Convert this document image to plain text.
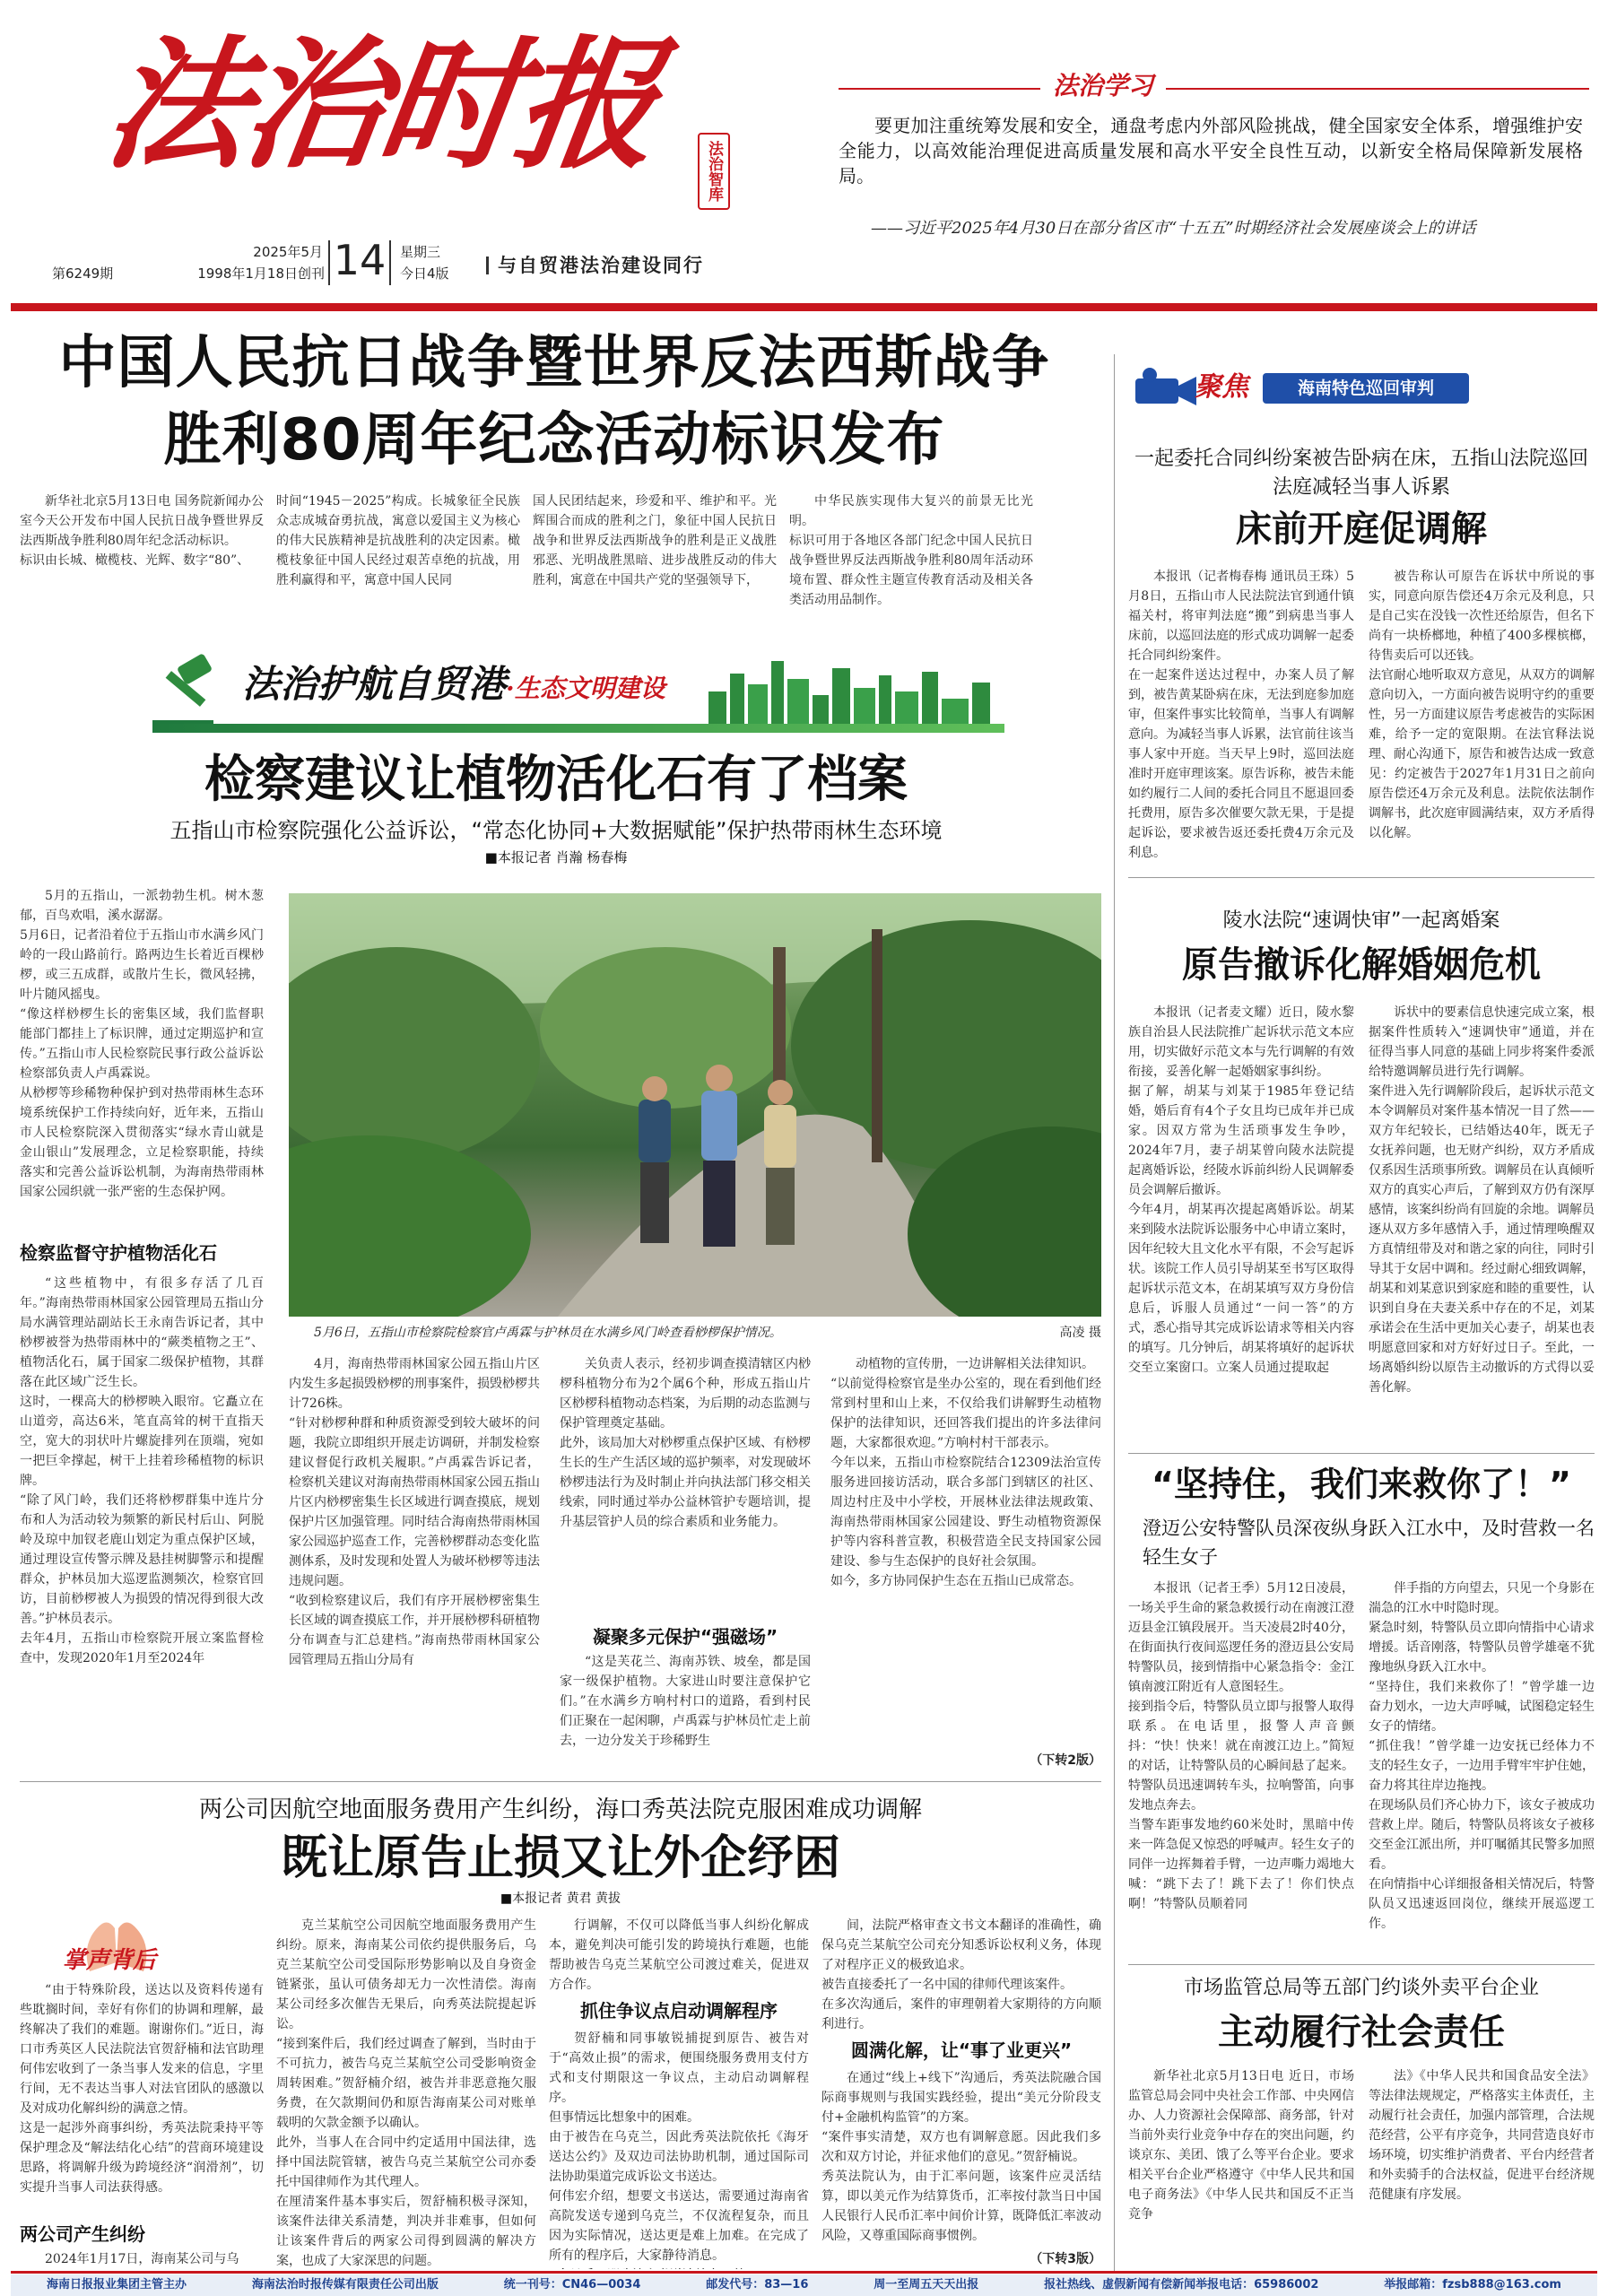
法治时报	法治智库
2025年5月
第6249期	1998年1月18日创刊 14	星期三
今日4版	与自贸港法治建设同行
法治学习
要更加注重统筹发展和安全，通盘考虑内外部风险挑战，健全国家安全体系，增强维护安全能力，以高效能治理促进高质量发展和高水平安全良性互动，以新安全格局保障新发展格局。
——习近平2025年4月30日在部分省区市“十五五”时期经济社会发展座谈会上的讲话
中国人民抗日战争暨世界反法西斯战争
胜利80周年纪念活动标识发布
新华社北京5月13日电 国务院新闻办公室今天公开发布中国人民抗日战争暨世界反法西斯战争胜利80周年纪念活动标识。
标识由长城、橄榄枝、光辉、数字“80”、
时间“1945－2025”构成。长城象征全民族众志成城奋勇抗战，寓意以爱国主义为核心的伟大民族精神是抗战胜利的决定因素。橄榄枝象征中国人民经过艰苦卓绝的抗战，用胜利赢得和平，寓意中国人民同
国人民团结起来，珍爱和平、维护和平。光辉围合而成的胜利之门，象征中国人民抗日战争和世界反法西斯战争的胜利是正义战胜邪恶、光明战胜黑暗、进步战胜反动的伟大胜利，寓意在中国共产党的坚强领导下，
中华民族实现伟大复兴的前景无比光明。
标识可用于各地区各部门纪念中国人民抗日战争暨世界反法西斯战争胜利80周年活动环境布置、群众性主题宣传教育活动及相关各类活动用品制作。
法治护航自贸港·生态文明建设
检察建议让植物活化石有了档案
五指山市检察院强化公益诉讼，“常态化协同+大数据赋能”保护热带雨林生态环境
■本报记者 肖瀚 杨春梅
5月的五指山，一派勃勃生机。树木葱郁，百鸟欢唱，溪水潺潺。
5月6日，记者沿着位于五指山市水满乡风门岭的一段山路前行。路两边生长着近百棵桫椤，或三五成群，或散片生长，微风轻拂，叶片随风摇曳。
“像这样桫椤生长的密集区域，我们监督职能部门都挂上了标识牌，通过定期巡护和宣传。”五指山市人民检察院民事行政公益诉讼检察部负责人卢禹霖说。
从桫椤等珍稀物种保护到对热带雨林生态环境系统保护工作持续向好，近年来，五指山市人民检察院深入贯彻落实“绿水青山就是金山银山”发展理念，立足检察职能，持续落实和完善公益诉讼机制，为海南热带雨林国家公园织就一张严密的生态保护网。
检察监督守护植物活化石
“这些植物中，有很多存活了几百年。”海南热带雨林国家公园管理局五指山分局水满管理站副站长王永南告诉记者，其中桫椤被誉为热带雨林中的“蕨类植物之王”、植物活化石，属于国家二级保护植物，其群落在此区域广泛生长。
这时，一棵高大的桫椤映入眼帘。它矗立在山道旁，高达6米，笔直高耸的树干直指天空，宽大的羽状叶片螺旋排列在顶端，宛如一把巨伞撑起，树干上挂着珍稀植物的标识牌。
“除了风门岭，我们还将桫椤群集中连片分布和人为活动较为频繁的新民村后山、阿脱岭及琼中加钗老鹿山划定为重点保护区域，通过理设宣传警示牌及悬挂树脚警示和提醒群众，护林员加大巡逻监测频次，检察官回访，目前桫椤被人为损毁的情况得到很大改善。”护林员表示。
去年4月，五指山市检察院开展立案监督检查中，发现2020年1月至2024年
5月6日，五指山市检察院检察官卢禹霖与护林员在水满乡风门岭查看桫椤保护情况。	高凌 摄
4月，海南热带雨林国家公园五指山片区内发生多起损毁桫椤的刑事案件，损毁桫椤共计726株。
“针对桫椤种群和种质资源受到较大破坏的问题，我院立即组织开展走访调研，并制发检察建议督促行政机关履职。”卢禹霖告诉记者，检察机关建议对海南热带雨林国家公园五指山片区内桫椤密集生长区域进行调查摸底，规划保护片区加强管理。同时结合海南热带雨林国家公园巡护巡查工作，完善桫椤群动态变化监测体系，及时发现和处置人为破坏桫椤等违法违规问题。
“收到检察建议后，我们有序开展桫椤密集生长区域的调查摸底工作，并开展桫椤科研植物分布调查与汇总建档。”海南热带雨林国家公园管理局五指山分局有
关负责人表示，经初步调查摸清辖区内桫椤科植物分布为2个属6个种，形成五指山片区桫椤科植物动态档案，为后期的动态监测与保护管理奠定基础。
此外，该局加大对桫椤重点保护区域、有桫椤生长的生产生活区域的巡护频率，对发现破坏桫椤违法行为及时制止并向执法部门移交相关线索，同时通过举办公益林管护专题培训，提升基层管护人员的综合素质和业务能力。
凝聚多元保护“强磁场”
“这是芙花兰、海南苏铁、坡垒，都是国家一级保护植物。大家进山时要注意保护它们。”在水满乡方响村村口的道路，看到村民们正聚在一起闲聊，卢禹霖与护林员忙走上前去，一边分发关于珍稀野生
动植物的宣传册，一边讲解相关法律知识。
“以前觉得检察官是坐办公室的，现在看到他们经常到村里和山上来，不仅给我们讲解野生动植物保护的法律知识，还回答我们提出的许多法律问题，大家都很欢迎。”方响村村干部表示。
今年以来，五指山市检察院结合12309法治宣传服务进回接访活动，联合多部门到辖区的社区、周边村庄及中小学校，开展林业法律法规政策、海南热带雨林国家公园建设、野生动植物资源保护等内容科普宣教，积极营造全民支持国家公园建设、参与生态保护的良好社会氛围。
如今，多方协同保护生态在五指山已成常态。
（下转2版）
两公司因航空地面服务费用产生纠纷，海口秀英法院克服困难成功调解
既让原告止损又让外企纾困
■本报记者 黄君 黄拔
掌声背后
“由于特殊阶段，送达以及资料传递有些耽搁时间，幸好有你们的协调和理解，最终解决了我们的难题。谢谢你们。”近日，海口市秀英区人民法院法官贺舒楠和法官助理何伟宏收到了一条当事人发来的信息，字里行间，无不表达当事人对法官团队的感激以及对成功化解纠纷的满意之情。
这是一起涉外商事纠纷，秀英法院秉持平等保护理念及“解法结化心结”的营商环境建设思路，将调解升级为跨境经济“润滑剂”，切实提升当事人司法获得感。
两公司产生纠纷
2024年1月17日，海南某公司与乌
克兰某航空公司因航空地面服务费用产生纠纷。原来，海南某公司依约提供服务后，乌克兰某航空公司受国际形势影响以及自身资金链紧张，虽认可债务却无力一次性清偿。海南某公司经多次催告无果后，向秀英法院提起诉讼。
“接到案件后，我们经过调查了解到，当时由于不可抗力，被告乌克兰某航空公司受影响资金周转困难。”贺舒楠介绍，被告并非恶意拖欠服务费，在欠款期间仍和原告海南某公司对账单载明的欠款金额予以确认。
此外，当事人在合同中约定适用中国法律，选择中国法院管辖，被告乌克兰某航空公司亦委托中国律师作为其代理人。
在厘清案件基本事实后，贺舒楠积极寻深知，该案件法律关系清楚，判决并非难事，但如何让该案件背后的两家公司得到圆满的解决方案，也成了大家深思的问题。

行调解，不仅可以降低当事人纠纷化解成本，避免判决可能引发的跨境执行难题，也能帮助被告乌克兰某航空公司渡过难关，促进双方合作。
抓住争议点启动调解程序
贺舒楠和同事敏锐捕捉到原告、被告对于“高效止损”的需求，便围绕服务费用支付方式和支付期限这一争议点，主动启动调解程序。
但事情远比想象中的困难。
由于被告在乌克兰，因此秀英法院依托《海牙送达公约》及双边司法协助机制，通过国际司法协助渠道完成诉讼文书送达。
何伟宏介绍，想要文书送达，需要通过海南省高院发送专递到乌克兰，不仅流程复杂，而且因为实际情况，送达更是难上加难。在完成了所有的程序后，大家静待消息。

间，法院严格审查文书文本翻译的准确性，确保乌克兰某航空公司充分知悉诉讼权利义务，体现了对程序正义的极致追求。
被告直接委托了一名中国的律师代理该案件。
在多次沟通后，案件的审理朝着大家期待的方向顺利进行。
圆满化解，让“事了业更兴”
在通过“线上+线下”沟通后，秀英法院融合国际商事规则与我国实践经验，提出“美元分阶段支付+金融机构监管”的方案。
“案件事实清楚，双方也有调解意愿。因此我们多次和双方讨论，并征求他们的意见。”贺舒楠说。
秀英法院认为，由于汇率问题，该案件应灵活结算，即以美元作为结算货币，汇率按付款当日中国人民银行人民币汇率中间价计算，既降低汇率波动风险，又尊重国际商事惯例。
（下转3版）
聚焦	海南特色巡回审判
一起委托合同纠纷案被告卧病在床，五指山法院巡回法庭减轻当事人诉累
床前开庭促调解
本报讯（记者梅春梅 通讯员王珠）5月8日，五指山市人民法院法官到通什镇福关村，将审判法庭“搬”到病患当事人床前，以巡回法庭的形式成功调解一起委托合同纠纷案件。
在一起案件送达过程中，办案人员了解到，被告黄某卧病在床，无法到庭参加庭审，但案件事实比较简单，当事人有调解意向。为减轻当事人诉累，法官前往该当事人家中开庭。当天早上9时，巡回法庭准时开庭审理该案。原告诉称，被告未能如约履行二人间的委托合同且不愿退回委托费用，原告多次催要欠款无果，于是提起诉讼，要求被告返还委托费4万余元及利息。
被告称认可原告在诉状中所说的事实，同意向原告偿还4万余元及利息，只是自己实在没钱一次性还给原告，但名下尚有一块桥榔地，种植了400多棵槟榔，待售卖后可以还钱。
法官耐心地听取双方意见，从双方的调解意向切入，一方面向被告说明守约的重要性，另一方面建议原告考虑被告的实际困难，给予一定的宽限期。在法官释法说理、耐心沟通下，原告和被告达成一致意见：约定被告于2027年1月31日之前向原告偿还4万余元及利息。法院依法制作调解书，此次庭审圆满结束，双方矛盾得以化解。
陵水法院“速调快审”一起离婚案
原告撤诉化解婚姻危机
本报讯（记者麦文耀）近日，陵水黎族自治县人民法院推广起诉状示范文本应用，切实做好示范文本与先行调解的有效衔接，妥善化解一起婚姻家事纠纷。
据了解，胡某与刘某于1985年登记结婚，婚后育有4个子女且均已成年并已成家。因双方常为生活琐事发生争吵，2024年7月，妻子胡某曾向陵水法院提起离婚诉讼，经陵水诉前纠纷人民调解委员会调解后撤诉。
今年4月，胡某再次提起离婚诉讼。胡某来到陵水法院诉讼服务中心申请立案时，因年纪较大且文化水平有限，不会写起诉状。该院工作人员引导胡某至书写区取得起诉状示范文本，在胡某填写双方身份信息后，诉服人员通过“一问一答”的方式，悉心指导其完成诉讼请求等相关内容的填写。几分钟后，胡某将填好的起诉状交至立案窗口。立案人员通过提取起
诉状中的要素信息快速完成立案，根据案件性质转入“速调快审”通道，并在征得当事人同意的基础上同步将案件委派给特邀调解员进行先行调解。
案件进入先行调解阶段后，起诉状示范文本令调解员对案件基本情况一目了然——双方年纪较长，已结婚达40年，既无子女抚养问题，也无财产纠纷，双方矛盾成仅系因生活琐事所致。调解员在认真倾听双方的真实心声后，了解到双方仍有深厚感情，该案纠纷尚有回旋的余地。调解员逐从双方多年感情入手，通过情理唤醒双方真情纽带及对和谐之家的向往，同时引导其于女居中调和。经过耐心细致调解，胡某和刘某意识到家庭和睦的重要性，认识到自身在夫妻关系中存在的不足，刘某承诺会在生活中更加关心妻子，胡某也表明愿意回家和对方好好过日子。至此，一场离婚纠纷以原告主动撤诉的方式得以妥善化解。
“坚持住，我们来救你了！”
澄迈公安特警队员深夜纵身跃入江水中，及时营救一名轻生女子
本报讯（记者王季）5月12日凌晨，一场关乎生命的紧急救援行动在南渡江澄迈县金江镇段展开。当天凌晨2时40分，在街面执行夜间巡逻任务的澄迈县公安局特警队员，接到情指中心紧急指令：金江镇南渡江附近有人意图轻生。
接到指令后，特警队员立即与报警人取得联系。在电话里，报警人声音颤抖：“快！快来！就在南渡江边上。”简短的对话，让特警队员的心瞬间悬了起来。特警队员迅速调转车头，拉响警笛，向事发地点奔去。
当警车距事发地约60米处时，黑暗中传来一阵急促又惊恐的呼喊声。轻生女子的同伴一边挥舞着手臂，一边声嘶力竭地大喊：“跳下去了！跳下去了！你们快点啊！”特警队员顺着同
伴手指的方向望去，只见一个身影在湍急的江水中时隐时现。
紧急时刻，特警队员立即向情指中心请求增援。话音刚落，特警队员曾学雄毫不犹豫地纵身跃入江水中。
“坚持住，我们来救你了！”曾学雄一边奋力划水，一边大声呼喊，试图稳定轻生女子的情绪。
“抓住我！”曾学雄一边安抚已经体力不支的轻生女子，一边用手臂牢牢护住她，奋力将其往岸边拖拽。
在现场队员们齐心协力下，该女子被成功营救上岸。随后，特警队员将该女子被移交至金江派出所，并叮嘱循其民警多加照看。
在向情指中心详细报备相关情况后，特警队员又迅速返回岗位，继续开展巡逻工作。
市场监管总局等五部门约谈外卖平台企业
主动履行社会责任
新华社北京5月13日电 近日，市场监管总局会同中央社会工作部、中央网信办、人力资源社会保障部、商务部，针对当前外卖行业竞争中存在的突出问题，约谈京东、美团、饿了么等平台企业。要求相关平台企业严格遵守《中华人民共和国电子商务法》《中华人民共和国反不正当竞争
法》《中华人民共和国食品安全法》等法律法规规定，严格落实主体责任，主动履行社会责任，加强内部管理，合法规范经营，公平有序竞争，共同营造良好市场环境，切实维护消费者、平台内经营者和外卖骑手的合法权益，促进平台经济规范健康有序发展。
海南日报报业集团主管主办	海南法治时报传媒有限责任公司出版	统一刊号：CN46—0034	邮发代号：83—16	周一至周五天天出报	报社热线、虚假新闻有偿新闻举报电话：65986002	举报邮箱：fzsb888@163.com
